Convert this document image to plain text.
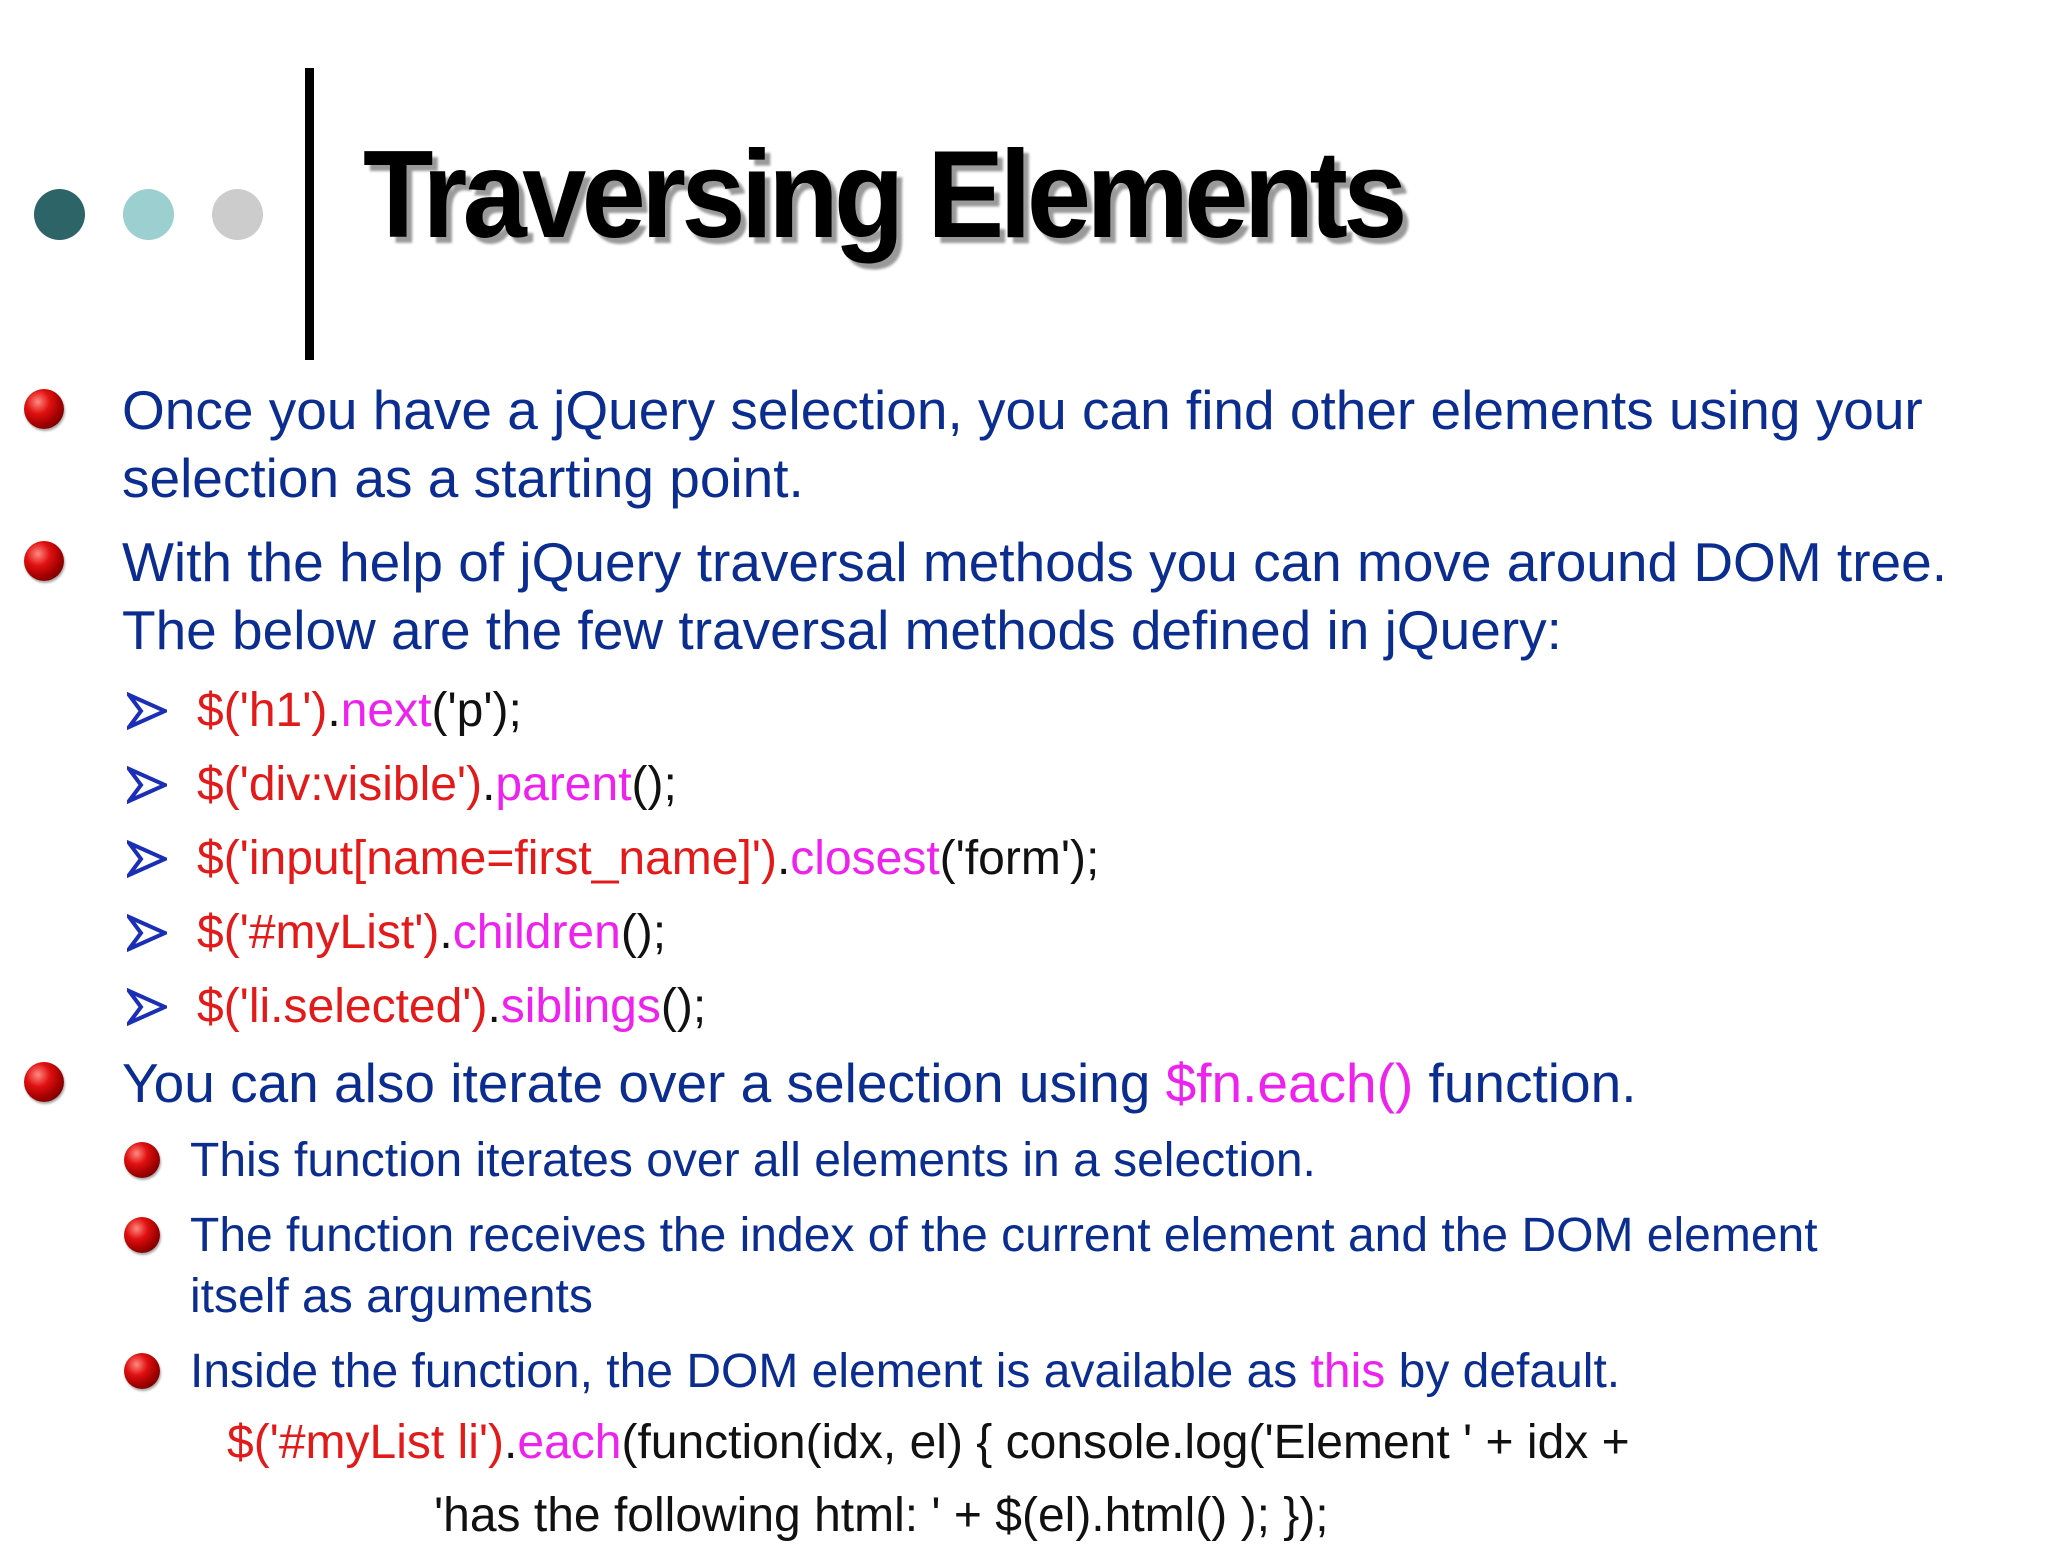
Traversing Elements
Once you have a jQuery selection, you can find other elements using your
selection as a starting point.
With the help of jQuery traversal methods you can move around DOM tree.
The below are the few traversal methods defined in jQuery:
$('h1').next('p');
$('div:visible').parent();
$('input[name=first_name]').closest('form');
$('#myList').children();
$('li.selected').siblings();
You can also iterate over a selection using $fn.each() function.
This function iterates over all elements in a selection.
The function receives the index of the current element and the DOM element
itself as arguments
Inside the function, the DOM element is available as this by default.
$('#myList li').each(function(idx, el) { console.log('Element ' + idx +
'has the following html: ' + $(el).html() ); });
